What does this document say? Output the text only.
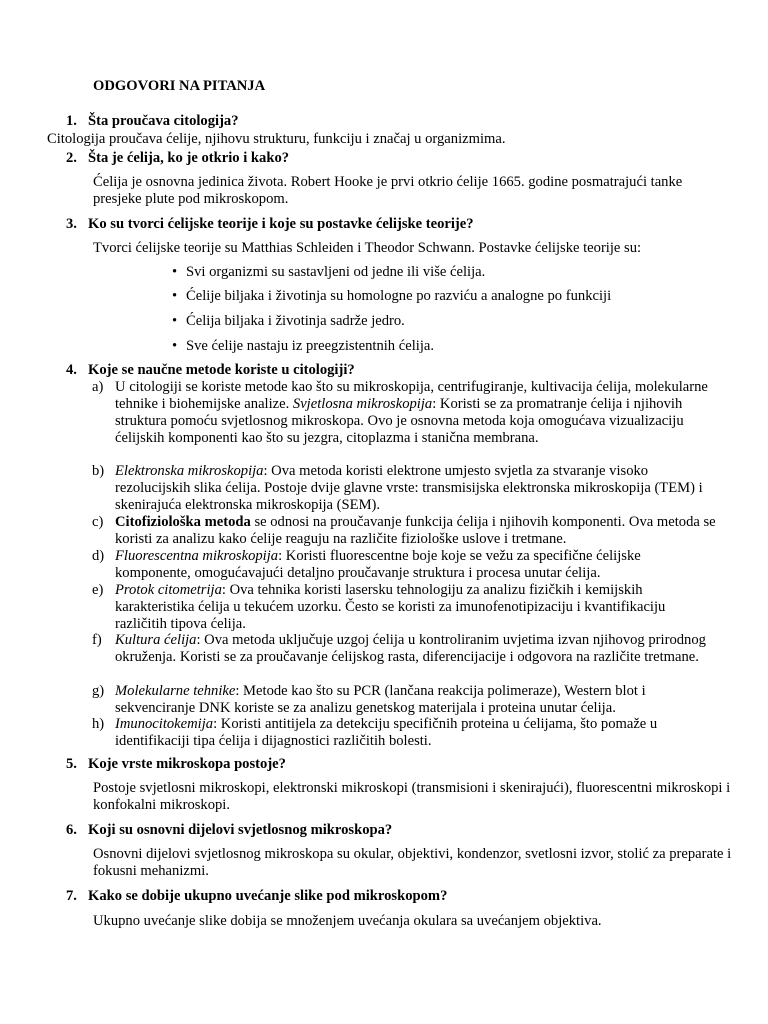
ODGOVORI NA PITANJA
1. Šta proučava citologija?
Citologija proučava ćelije, njihovu strukturu, funkciju i značaj u organizmima.
2. Šta je ćelija, ko je otkrio i kako?
Ćelija je osnovna jedinica života. Robert Hooke je prvi otkrio ćelije 1665. godine posmatrajući tanke presjeke plute pod mikroskopom.
3. Ko su tvorci ćelijske teorije i koje su postavke ćelijske teorije?
Tvorci ćelijske teorije su Matthias Schleiden i Theodor Schwann. Postavke ćelijske teorije su:
• Svi organizmi su sastavljeni od jedne ili više ćelija.
• Ćelije biljaka i životinja su homologne po razviću a analogne po funkciji
• Ćelija biljaka i životinja sadrže jedro.
• Sve ćelije nastaju iz preegzistentnih ćelija.
4. Koje se naučne metode koriste u citologiji?
a) U citologiji se koriste metode kao što su mikroskopija, centrifugiranje, kultivacija ćelija, molekularne tehnike i biohemijske analize. Svjetlosna mikroskopija: Koristi se za promatranje ćelija i njihovih struktura pomoću svjetlosnog mikroskopa. Ovo je osnovna metoda koja omogućava vizualizaciju ćelijskih komponenti kao što su jezgra, citoplazma i stanična membrana.
b) Elektronska mikroskopija: Ova metoda koristi elektrone umjesto svjetla za stvaranje visoko rezolucijskih slika ćelija. Postoje dvije glavne vrste: transmisijska elektronska mikroskopija (TEM) i skenirajuća elektronska mikroskopija (SEM).
c) Citofiziološka metoda se odnosi na proučavanje funkcija ćelija i njihovih komponenti. Ova metoda se koristi za analizu kako ćelije reaguju na različite fiziološke uslove i tretmane.
d) Fluorescentna mikroskopija: Koristi fluorescentne boje koje se vežu za specifične ćelijske komponente, omogućavajući detaljno proučavanje struktura i procesa unutar ćelija.
e) Protok citometrija: Ova tehnika koristi lasersku tehnologiju za analizu fizičkih i kemijskih karakteristika ćelija u tekućem uzorku. Često se koristi za imunofenotipizaciju i kvantifikaciju različitih tipova ćelija.
f) Kultura ćelija: Ova metoda uključuje uzgoj ćelija u kontroliranim uvjetima izvan njihovog prirodnog okruženja. Koristi se za proučavanje ćelijskog rasta, diferencijacije i odgovora na različite tretmane.
g) Molekularne tehnike: Metode kao što su PCR (lančana reakcija polimeraze), Western blot i sekvenciranje DNK koriste se za analizu genetskog materijala i proteina unutar ćelija.
h) Imunocitokemija: Koristi antitijela za detekciju specifičnih proteina u ćelijama, što pomaže u identifikaciji tipa ćelija i dijagnostici različitih bolesti.
5. Koje vrste mikroskopa postoje?
Postoje svjetlosni mikroskopi, elektronski mikroskopi (transmisioni i skenirajući), fluorescentni mikroskopi i konfokalni mikroskopi.
6. Koji su osnovni dijelovi svjetlosnog mikroskopa?
Osnovni dijelovi svjetlosnog mikroskopa su okular, objektivi, kondenzor, svetlosni izvor, stolić za preparate i fokusni mehanizmi.
7. Kako se dobije ukupno uvećanje slike pod mikroskopom?
Ukupno uvećanje slike dobija se množenjem uvećanja okulara sa uvećanjem objektiva.
